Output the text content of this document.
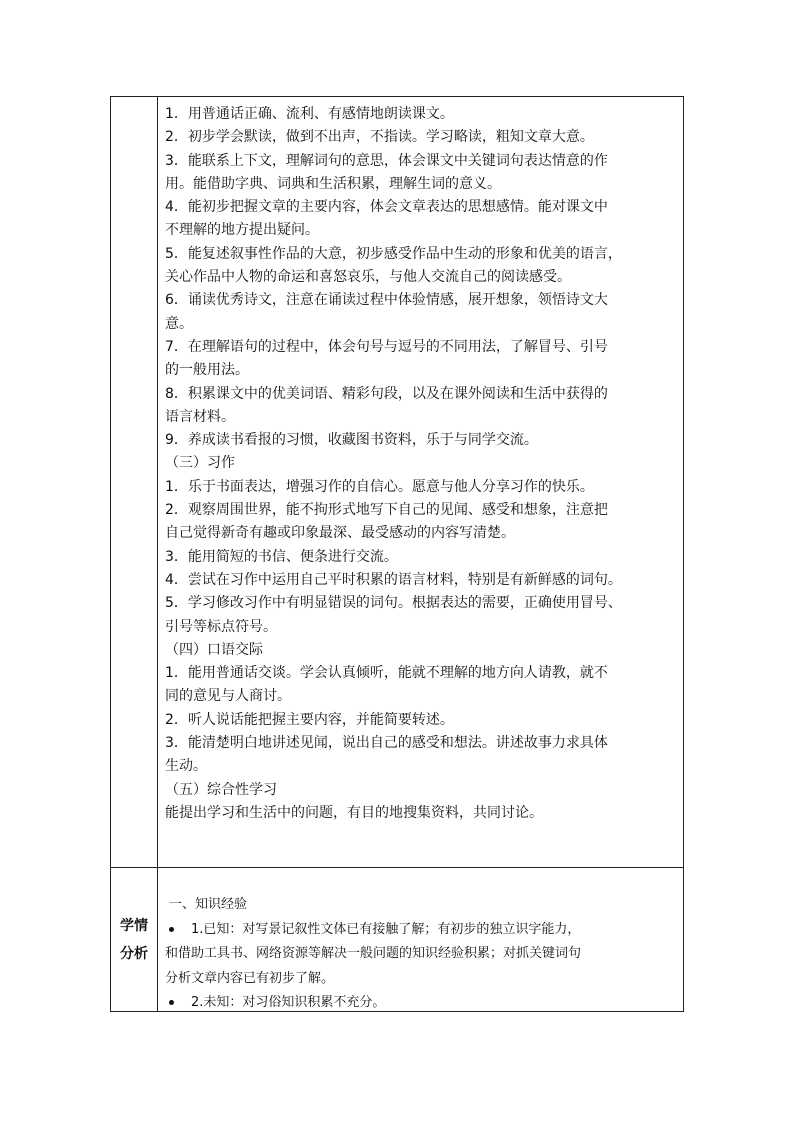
1．用普通话正确、流利、有感情地朗读课文。
2．初步学会默读，做到不出声，不指读。学习略读，粗知文章大意。
3．能联系上下文，理解词句的意思，体会课文中关键词句表达情意的作
用。能借助字典、词典和生活积累，理解生词的意义。
4．能初步把握文章的主要内容，体会文章表达的思想感情。能对课文中
不理解的地方提出疑问。
5．能复述叙事性作品的大意，初步感受作品中生动的形象和优美的语言，
关心作品中人物的命运和喜怒哀乐，与他人交流自己的阅读感受。
6．诵读优秀诗文，注意在诵读过程中体验情感，展开想象，领悟诗文大
意。
7．在理解语句的过程中，体会句号与逗号的不同用法，了解冒号、引号
的一般用法。
8．积累课文中的优美词语、精彩句段，以及在课外阅读和生活中获得的
语言材料。
9．养成读书看报的习惯，收藏图书资料，乐于与同学交流。
（三）习作
1．乐于书面表达，增强习作的自信心。愿意与他人分享习作的快乐。
2．观察周围世界，能不拘形式地写下自己的见闻、感受和想象，注意把
自己觉得新奇有趣或印象最深、最受感动的内容写清楚。
3．能用简短的书信、便条进行交流。
4．尝试在习作中运用自己平时积累的语言材料，特别是有新鲜感的词句。
5．学习修改习作中有明显错误的词句。根据表达的需要，正确使用冒号、
引号等标点符号。
（四）口语交际
1．能用普通话交谈。学会认真倾听，能就不理解的地方向人请教，就不
同的意见与人商讨。
2．听人说话能把握主要内容，并能简要转述。
3．能清楚明白地讲述见闻，说出自己的感受和想法。讲述故事力求具体
生动。
（五）综合性学习
能提出学习和生活中的问题，有目的地搜集资料，共同讨论。
学情
分析
一、知识经验
1.已知：对写景记叙性文体已有接触了解；有初步的独立识字能力，
和借助工具书、网络资源等解决一般问题的知识经验积累；对抓关键词句
分析文章内容已有初步了解。
2.未知：对习俗知识积累不充分。
